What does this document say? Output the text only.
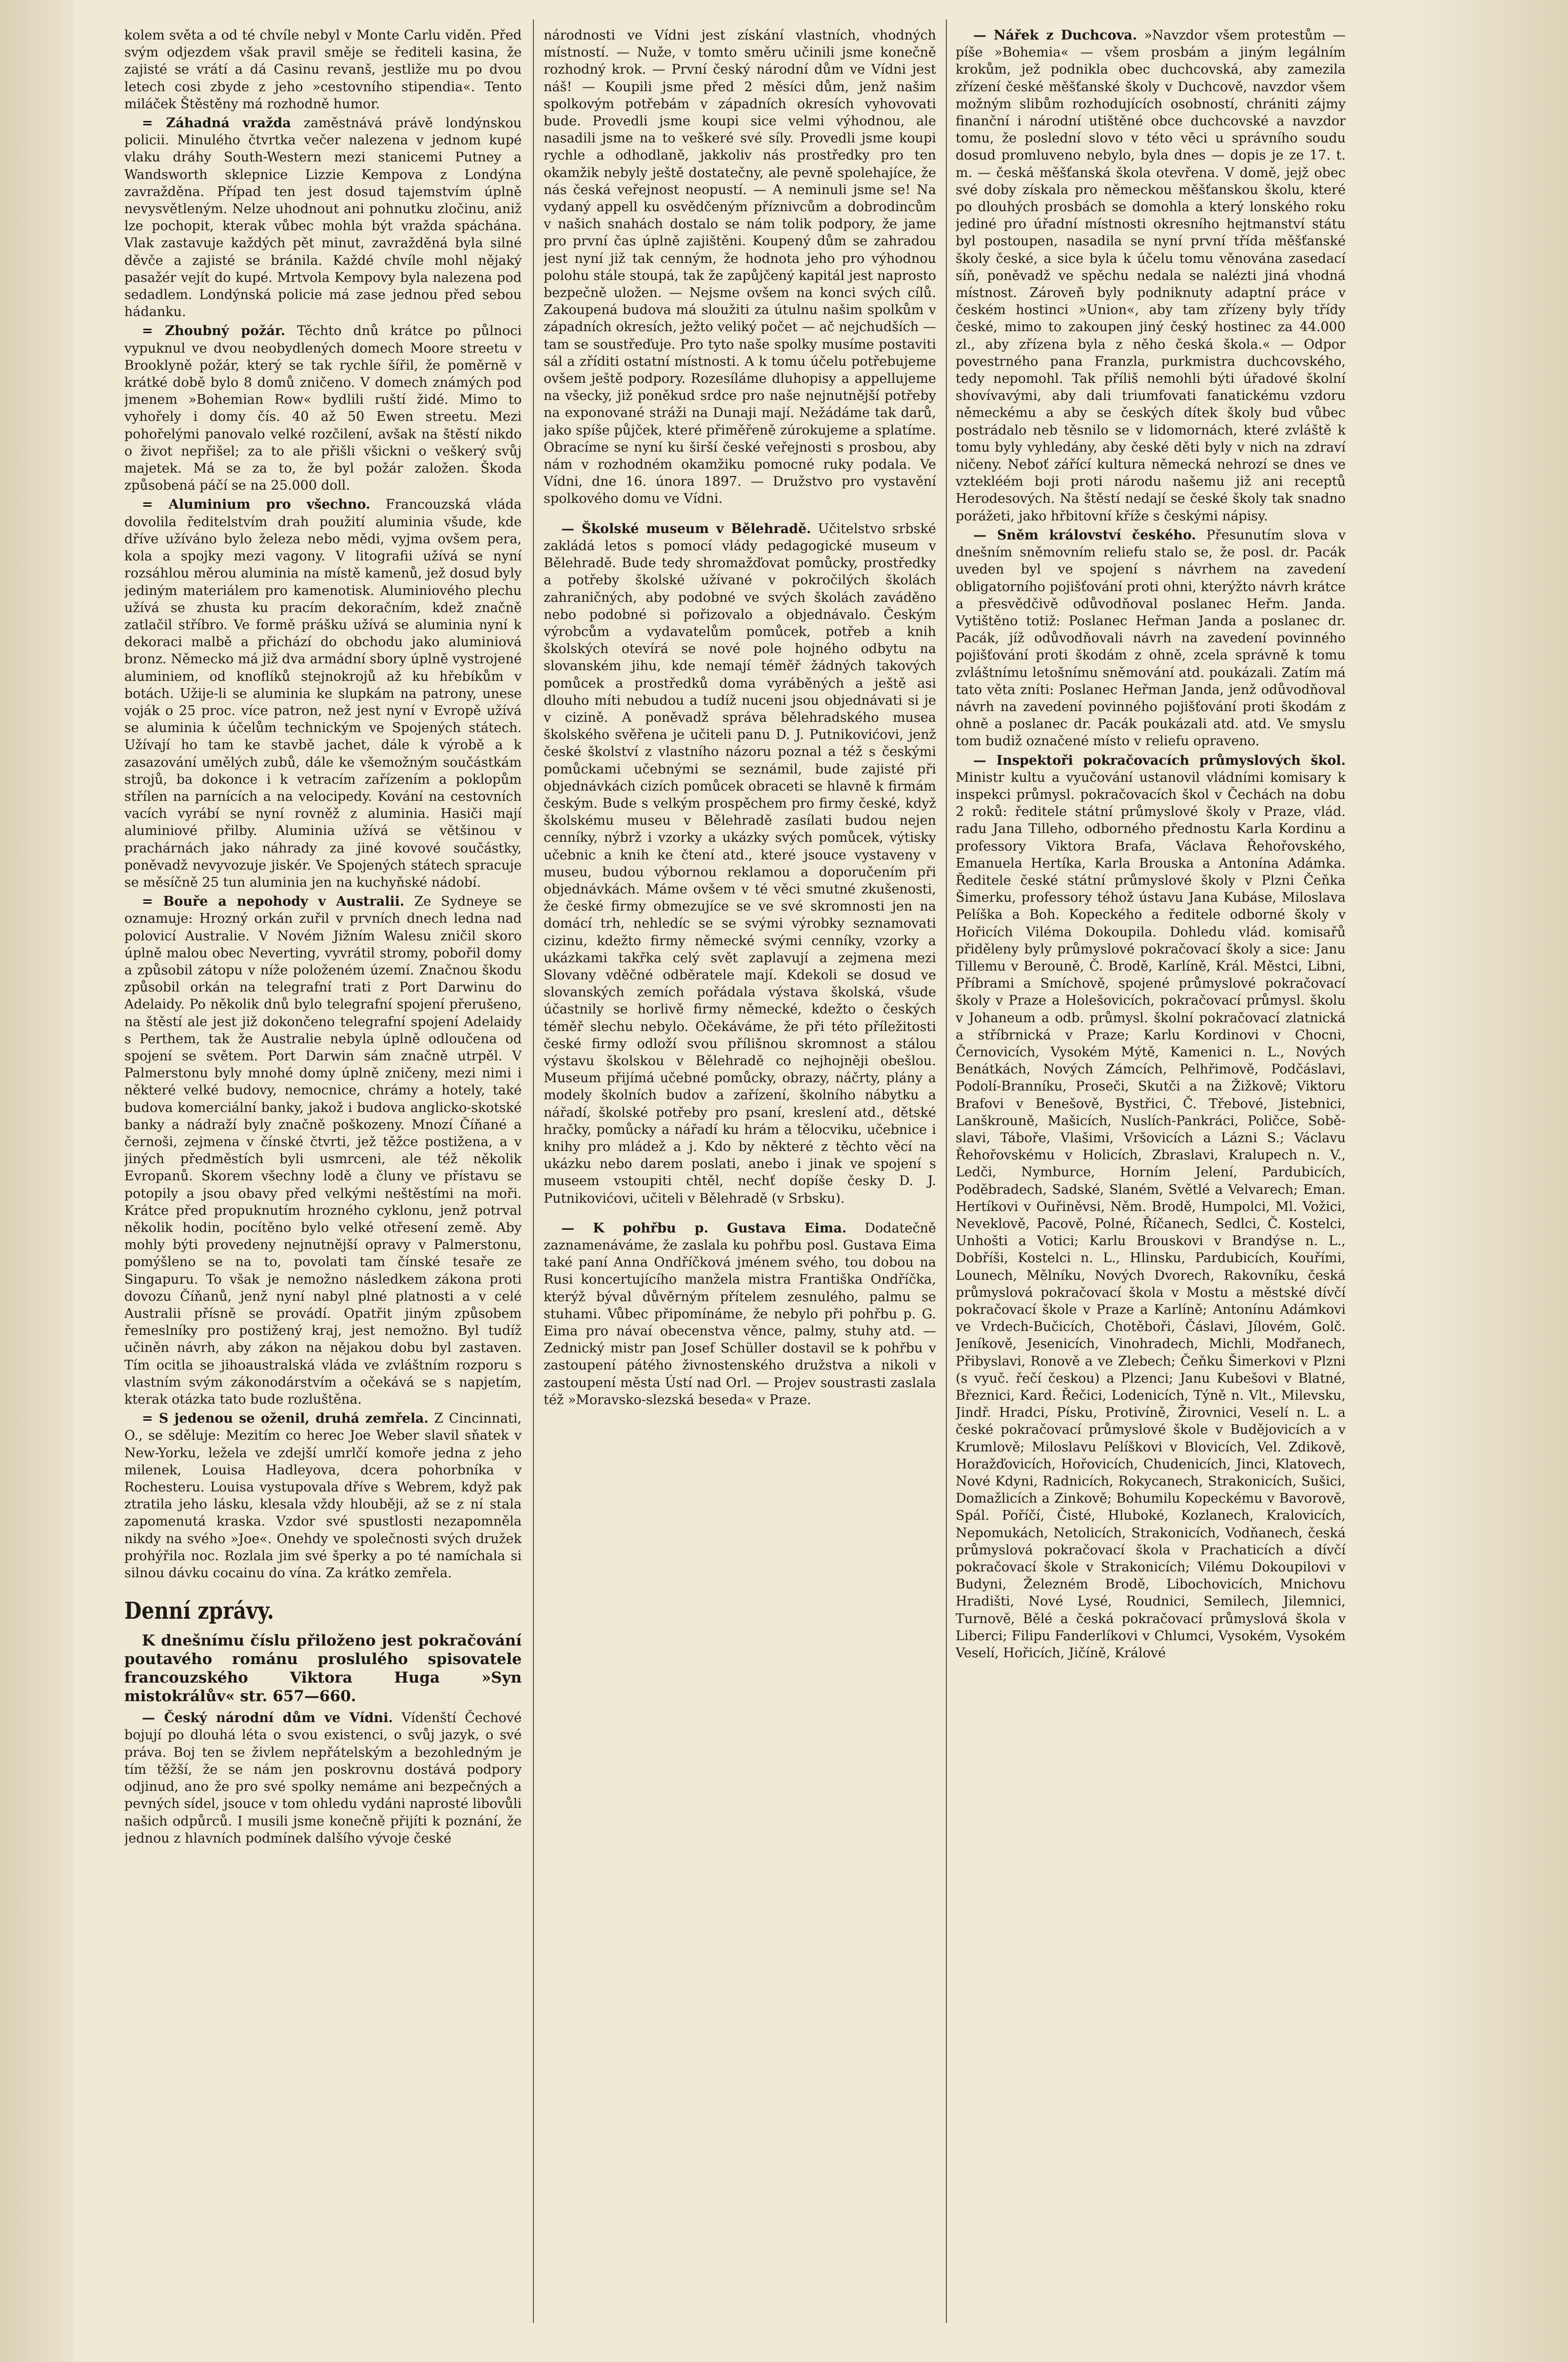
kolem světa a od té chvíle nebyl v Monte Carlu viděn. Před svým odjezdem však pravil směje se řediteli kasina, že zajisté se vrátí a dá Casinu revanš, jestliže mu po dvou letech cosi zbyde z jeho »cestovního stipendia«. Tento miláček Štěstěny má rozhodně humor.

= Záhadná vražda zaměstnává právě londýnskou policii. Minulého čtvrtka večer nalezena v jednom kupé vlaku dráhy South-Western mezi stanicemi Putney a Wandsworth sklepnice Lizzie Kempova z Londýna zavražděna. Případ ten jest dosud tajemstvím úplně nevysvětleným. Nelze uhodnout ani pohnutku zločinu, aniž lze pochopit, kterak vůbec mohla být vražda spáchána. Vlak zastavuje každých pět minut, zavražděná byla silné děvče a zajisté se bránila. Každé chvíle mohl nějaký pasažér vejít do kupé. Mrtvola Kempovy byla nalezena pod sedadlem. Londýnská policie má zase jednou před sebou hádanku.

= Zhoubný požár. Těchto dnů krátce po půlnoci vypuknul ve dvou neobydlených domech Moore streetu v Brooklyně požár, který se tak rychle šířil, že poměrně v krátké době bylo 8 domů zničeno. V domech známých pod jmenem »Bohemian Row« bydlili ruští židé. Mimo to vyhořely i domy čís. 40 až 50 Ewen streetu. Mezi pohořelými panovalo velké rozčilení, avšak na štěstí nikdo o život nepřišel; za to ale přišli všickni o veškerý svůj majetek. Má se za to, že byl požár založen. Škoda způsobená páčí se na 25.000 doll.

= Aluminium pro všechno. Francouzská vláda dovolila ředitelstvím drah použití aluminia všude, kde dříve užíváno bylo železa nebo mědi, vyjma ovšem pera, kola a spojky mezi vagony. V litografii užívá se nyní rozsáhlou měrou aluminia na místě kamenů, jež dosud byly jediným materiálem pro kamenotisk. Aluminiového plechu užívá se zhusta ku pracím dekoračním, kdež značně zatlačil stříbro. Ve formě prášku užívá se aluminia nyní k dekoraci malbě a přichází do obchodu jako aluminiová bronz. Německo má již dva armádní sbory úplně vystrojené aluminiem, od knoflíků stejnokrojů až ku hřebíkům v botách. Užije-li se aluminia ke slupkám na patrony, unese voják o 25 proc. více patron, než jest nyní v Evropě užívá se aluminia k účelům technickým ve Spojených státech. Užívají ho tam ke stavbě jachet, dále k výrobě a k zasazování umělých zubů, dále ke všemožným součástkám strojů, ba dokonce i k vetracím zařízením a poklopům střílen na parnících a na velocipedy. Kování na cestovních vacích vyrábí se nyní rovněž z aluminia. Hasiči mají aluminiové přilby. Aluminia užívá se většinou v prachárnách jako náhrady za jiné kovové součástky, poněvadž nevyvozuje jiskér. Ve Spojených státech spracuje se měsíčně 25 tun aluminia jen na kuchyňské nádobí.

= Bouře a nepohody v Australii. Ze Sydneye se oznamuje: Hrozný orkán zuřil v prvních dnech ledna nad polovicí Australie. V Novém Jižním Walesu zničil skoro úplně malou obec Neverting, vyvrátil stromy, pobořil domy a způsobil zátopu v níže položeném území. Značnou škodu způsobil orkán na telegrafní trati z Port Darwinu do Adelaidy. Po několik dnů bylo telegrafní spojení přerušeno, na štěstí ale jest již dokončeno telegrafní spojení Adelaidy s Perthem, tak že Australie nebyla úplně odloučena od spojení se světem. Port Darwin sám značně utrpěl. V Palmerstonu byly mnohé domy úplně zničeny, mezi nimi i některé velké budovy, nemocnice, chrámy a hotely, také budova komerciální banky, jakož i budova anglicko-skotské banky a nádraží byly značně poškozeny. Mnozí Číňané a černoši, zejmena v čínské čtvrti, jež těžce postižena, a v jiných předměstích byli usmrceni, ale též několik Evropanů. Skorem všechny lodě a čluny ve přístavu se potopily a jsou obavy před velkými neštěstími na moři. Krátce před propuknutím hrozného cyklonu, jenž potrval několik hodin, pocítěno bylo velké otřesení země. Aby mohly býti provedeny nejnutnější opravy v Palmerstonu, pomýšleno se na to, povolati tam čínské tesaře ze Singapuru. To však je nemožno následkem zákona proti dovozu Číňanů, jenž nyní nabyl plné platnosti a v celé Australii přísně se provádí. Opatřit jiným způsobem řemeslníky pro postižený kraj, jest nemožno. Byl tudíž učiněn návrh, aby zákon na nějakou dobu byl zastaven. Tím ocitla se jihoaustralská vláda ve zvláštním rozporu s vlastním svým zákonodárstvím a očekává se s napjetím, kterak otázka tato bude rozluštěna.

= S jedenou se oženil, druhá zemřela. Z Cincinnati, O., se sděluje: Mezitím co herec Joe Weber slavil sňatek v New-Yorku, ležela ve zdejší umrlčí komoře jedna z jeho milenek, Louisa Hadleyova, dcera pohorbníka v Rochesteru. Louisa vystupovala dříve s Webrem, když pak ztratila jeho lásku, klesala vždy hlouběji, až se z ní stala zapomenutá kraska. Vzdor své spustlosti nezapomněla nikdy na svého »Joe«. Onehdy ve společnosti svých družek prohýřila noc. Rozlala jim své šperky a po té namíchala si silnou dávku cocainu do vína. Za krátko zemřela.

Denní zprávy.

K dnešnímu číslu přiloženo jest pokračování poutavého románu proslulého spisovatele francouzského Viktora Huga »Syn mistokrálův« str. 657—660.

— Český národní dům ve Vídni. Vídenští Čechové bojují po dlouhá léta o svou existenci, o svůj jazyk, o své práva. Boj ten se živlem nepřátelským a bezohledným je tím těžší, že se nám jen poskrovnu dostává podpory odjinud, ano že pro své spolky nemáme ani bezpečných a pevných sídel, jsouce v tom ohledu vydáni naprosté libovůli našich odpůrců. I musili jsme konečně přijíti k poznání, že jednou z hlavních podmínek dalšího vývoje české

národnosti ve Vídni jest získání vlastních, vhodných místností. — Nuže, v tomto směru učinili jsme konečně rozhodný krok. — První český národní dům ve Vídni jest náš! — Koupili jsme před 2 měsíci dům, jenž našim spolkovým potřebám v západních okresích vyhovovati bude. Provedli jsme koupi sice velmi výhodnou, ale nasadili jsme na to veškeré své síly. Provedli jsme koupi rychle a odhodlaně, jakkoliv nás prostředky pro ten okamžik nebyly ještě dostatečny, ale pevně spolehajíce, že nás česká veřejnost neopustí. — A neminuli jsme se! Na vydaný appell ku osvědčeným příznivcům a dobrodincům v našich snahách dostalo se nám tolik podpory, že jame pro první čas úplně zajištěni. Koupený dům se zahradou jest nyní již tak cenným, že hodnota jeho pro výhodnou polohu stále stoupá, tak že zapůjčený kapitál jest naprosto bezpečně uložen. — Nejsme ovšem na konci svých cílů. Zakoupená budova má sloužiti za útulnu našim spolkům v západních okresích, ježto veliký počet — ač nejchudších — tam se soustřeďuje. Pro tyto naše spolky musíme postaviti sál a zříditi ostatní místnosti. A k tomu účelu potřebujeme ovšem ještě podpory. Rozesíláme dluhopisy a appellujeme na všecky, již poněkud srdce pro naše nejnutnější potřeby na exponované stráži na Dunaji mají. Nežádáme tak darů, jako spíše půjček, které přiměřeně zúrokujeme a splatíme. Obracíme se nyní ku širší české veřejnosti s prosbou, aby nám v rozhodném okamžiku pomocné ruky podala. Ve Vídni, dne 16. února 1897. — Družstvo pro vystavění spolkového domu ve Vídni.

— Školské museum v Bělehradě. Učitelstvo srbské zakládá letos s pomocí vlády pedagogické museum v Bělehradě. Bude tedy shromažďovat pomůcky, prostředky a potřeby školské užívané v pokročilých školách zahraničných, aby podobné ve svých školách zaváděno nebo podobné si pořizovalo a objednávalo. Českým výrobcům a vydavatelům pomůcek, potřeb a knih školských otevírá se nové pole hojného odbytu na slovanském jihu, kde nemají téměř žádných takových pomůcek a prostředků doma vyráběných a ještě asi dlouho míti nebudou a tudíž nuceni jsou objednávati si je v cizině. A poněvadž správa bělehradského musea školského svěřena je učiteli panu D. J. Putnikovićovi, jenž české školství z vlastního názoru poznal a též s českými pomůckami učebnými se seznámil, bude zajisté při objednávkách cizích pomůcek obraceti se hlavně k firmám českým. Bude s velkým prospěchem pro firmy české, když školskému museu v Bělehradě zasílati budou nejen cenníky, nýbrž i vzorky a ukázky svých pomůcek, výtisky učebnic a knih ke čtení atd., které jsouce vystaveny v museu, budou výbornou reklamou a doporučením při objednávkách. Máme ovšem v té věci smutné zkušenosti, že české firmy obmezujíce se ve své skromnosti jen na domácí trh, nehledíc se se svými výrobky seznamovati cizinu, kdežto firmy německé svými cenníky, vzorky a ukázkami takřka celý svět zaplavují a zejmena mezi Slovany vděčné odběratele mají. Kdekoli se dosud ve slovanských zemích pořádala výstava školská, všude účastnily se horlivě firmy německé, kdežto o českých téměř slechu nebylo. Očekáváme, že při této příležitosti české firmy odloží svou přílišnou skromnost a stálou výstavu školskou v Bělehradě co nejhojněji obešlou. Museum přijímá učebné pomůcky, obrazy, náčrty, plány a modely školních budov a zařízení, školního nábytku a nářadí, školské potřeby pro psaní, kreslení atd., dětské hračky, pomůcky a nářadí ku hrám a tělocviku, učebnice i knihy pro mládež a j. Kdo by některé z těchto věcí na ukázku nebo darem poslati, anebo i jinak ve spojení s museem vstoupiti chtěl, nechť dopíše česky D. J. Putnikovićovi, učiteli v Bělehradě (v Srbsku).

— K pohřbu p. Gustava Eima. Dodatečně zaznamenáváme, že zaslala ku pohřbu posl. Gustava Eima také paní Anna Ondříčková jménem svého, tou dobou na Rusi koncertujícího manžela mistra Františka Ondříčka, kterýž býval důvěrným přítelem zesnulého, palmu se stuhami. Vůbec připomínáme, že nebylo při pohřbu p. G. Eima pro návaí obecenstva věnce, palmy, stuhy atd. — Zednický mistr pan Josef Schüller dostavil se k pohřbu v zastoupení pátého živnostenského družstva a nikoli v zastoupení města Ústí nad Orl. — Projev soustrasti zaslala též »Moravsko-slezská beseda« v Praze.

— Nářek z Duchcova. »Navzdor všem protestům — píše »Bohemia« — všem prosbám a jiným legálním krokům, jež podnikla obec duchcovská, aby zamezila zřízení české měšťanské školy v Duchcově, navzdor všem možným slibům rozhodujících osobností, chrániti zájmy finanční i národní utištěné obce duchcovské a navzdor tomu, že poslední slovo v této věci u správního soudu dosud promluveno nebylo, byla dnes — dopis je ze 17. t. m. — česká měšťanská škola otevřena. V domě, jejž obec své doby získala pro německou měšťanskou školu, které po dlouhých prosbách se domohla a který lonského roku jediné pro úřadní místnosti okresního hejtmanství státu byl postoupen, nasadila se nyní první třída měšťanské školy české, a sice byla k účelu tomu věnována zasedací síň, poněvadž ve spěchu nedala se nalézti jiná vhodná místnost. Zároveň byly podniknuty adaptní práce v českém hostinci »Union«, aby tam zřízeny byly třídy české, mimo to zakoupen jiný český hostinec za 44.000 zl., aby zřízena byla z něho česká škola.« — Odpor povestrného pana Franzla, purkmistra duchcovského, tedy nepomohl. Tak příliš nemohli býti úřadové školní shovívavými, aby dali triumfovati fanatickému vzdoru německému a aby se českých dítek školy bud vůbec postrádalo neb těsnilo se v lidomornách, které zvláště k tomu byly vyhledány, aby české děti byly v nich na zdraví ničeny. Neboť zářící kultura německá nehrozí se dnes ve vztekléém boji proti národu našemu již ani receptů Herodesových. Na štěstí nedají se české školy tak snadno porážeti, jako hřbitovní kříže s českými nápisy.

— Sněm království českého. Přesunutím slova v dnešním sněmovním reliefu stalo se, že posl. dr. Pacák uveden byl ve spojení s návrhem na zavedení obligatorního pojišťování proti ohni, kterýžto návrh krátce a přesvědčivě odůvodňoval poslanec Heřm. Janda. Vytištěno totiž: Poslanec Heřman Janda a poslanec dr. Pacák, jíž odůvodňovali návrh na zavedení povinného pojišťování proti škodám z ohně, zcela správně k tomu zvláštnímu letošnímu sněmování atd. poukázali. Zatím má tato věta zníti: Poslanec Heřman Janda, jenž odůvodňoval návrh na zavedení povinného pojišťování proti škodám z ohně a poslanec dr. Pacák poukázali atd. atd. Ve smyslu tom budiž označené místo v reliefu opraveno.

— Inspektoři pokračovacích průmyslových škol. Ministr kultu a vyučování ustanovil vládními komisary k inspekci průmysl. pokračovacích škol v Čechách na dobu 2 roků: ředitele státní průmyslové školy v Praze, vlád. radu Jana Tilleho, odborného přednostu Karla Kordinu a professory Viktora Brafa, Václava Řehořovského, Emanuela Hertíka, Karla Brouska a Antonína Adámka. Ředitele české státní průmyslové školy v Plzni Čeňka Šimerku, professory téhož ústavu Jana Kubáse, Miloslava Pelíška a Boh. Kopeckého a ředitele odborné školy v Hořicích Viléma Dokoupila. Dohledu vlád. komisařů přiděleny byly průmyslové pokračovací školy a sice: Janu Tillemu v Berouně, Č. Brodě, Karlíně, Král. Městci, Libni, Příbrami a Smíchově, spojené průmyslové pokračovací školy v Praze a Holešovicích, pokračovací průmysl. školu v Johaneum a odb. průmysl. školní pokračovací zlatnická a stříbrnická v Praze; Karlu Kordinovi v Chocni, Černovicích, Vysokém Mýtě, Kamenici n. L., Nových Benátkách, Nových Zámcích, Pelhřimově, Podčáslavi, Podolí-Branníku, Proseči, Skutči a na Žižkově; Viktoru Brafovi v Benešově, Bystřici, Č. Třebové, Jistebnici, Lanškrouně, Mašicích, Nuslích-Pankráci, Poličce, Sobě-slavi, Táboře, Vlašimi, Vršovicích a Lázni S.; Václavu Řehořovskému v Holicích, Zbraslavi, Kralupech n. V., Ledči, Nymburce, Horním Jelení, Pardubicích, Poděbradech, Sadské, Slaném, Světlé a Velvarech; Eman. Hertíkovi v Ouřiněvsi, Něm. Brodě, Humpolci, Ml. Vožici, Neveklově, Pacově, Polné, Říčanech, Sedlci, Č. Kostelci, Unhošti a Votici; Karlu Brouskovi v Brandýse n. L., Dobříši, Kostelci n. L., Hlinsku, Pardubicích, Kouřími, Lounech, Mělníku, Nových Dvorech, Rakovníku, česká průmyslová pokračovací škola v Mostu a městské dívčí pokračovací škole v Praze a Karlíně; Antonínu Adámkovi ve Vrdech-Bučicích, Chotěboři, Čáslavi, Jílovém, Golč. Jeníkově, Jesenicích, Vinohradech, Michli, Modřanech, Přibyslavi, Ronově a ve Zlebech; Čeňku Šimerkovi v Plzni (s vyuč. řečí českou) a Plzenci; Janu Kubešovi v Blatné, Březnici, Kard. Řečici, Lodenicích, Týně n. Vlt., Milevsku, Jindř. Hradci, Písku, Protivíně, Žirovnici, Veselí n. L. a české pokračovací průmyslové škole v Budějovicích a v Krumlově; Miloslavu Pelíškovi v Blovicích, Vel. Zdikově, Horažďovicích, Hořovicích, Chudenicích, Jinci, Klatovech, Nové Kdyni, Radnicích, Rokycanech, Strakonicích, Sušici, Domažlicích a Zinkově; Bohumilu Kopeckému v Bavorově, Spál. Poříčí, Čisté, Hluboké, Kozlanech, Kralovicích, Nepomukách, Netolicích, Strakonicích, Vodňanech, česká průmyslová pokračovací škola v Prachaticích a dívčí pokračovací škole v Strakonicích; Vilému Dokoupilovi v Budyni, Železném Brodě, Libochovicích, Mnichovu Hradišti, Nové Lysé, Roudnici, Semilech, Jilemnici, Turnově, Bělé a česká pokračovací průmyslová škola v Liberci; Filipu Fanderlíkovi v Chlumci, Vysokém, Vysokém Veselí, Hořicích, Jičíně, Králové
